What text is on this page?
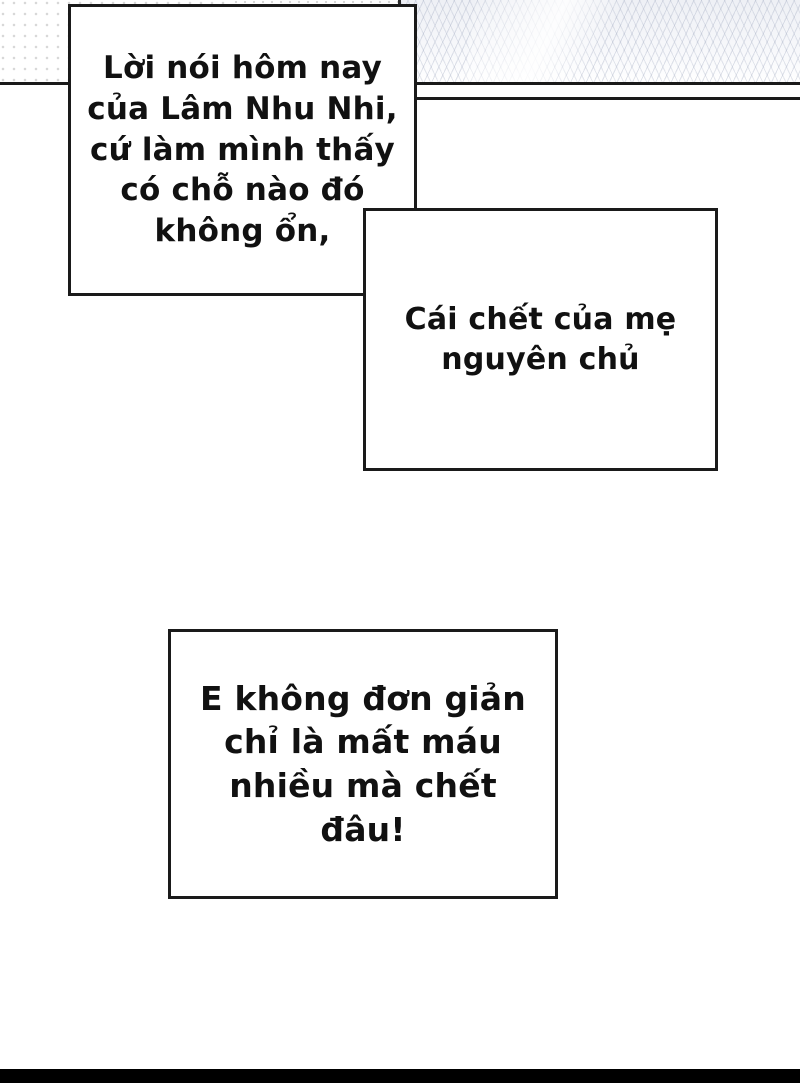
Lời nói hôm nay
của Lâm Nhu Nhi,
cứ làm mình thấy
có chỗ nào đó
không ổn,
Cái chết của mẹ
nguyên chủ
E không đơn giản
chỉ là mất máu
nhiều mà chết
đâu!
